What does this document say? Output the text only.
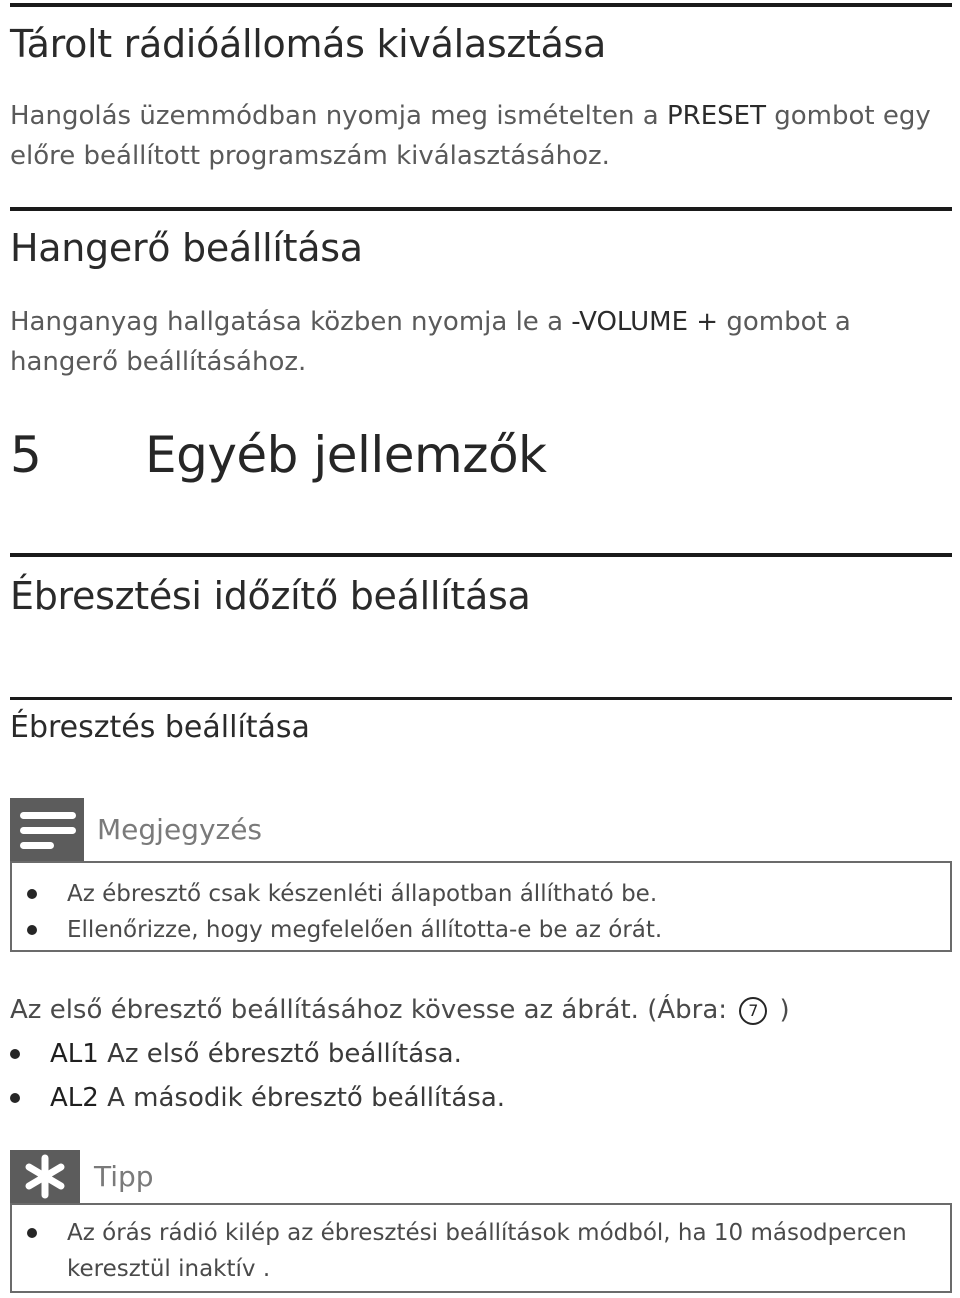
Tárolt rádióállomás kiválasztása
Hangolás üzemmódban nyomja meg ismételten a PRESET gombot egy előre beállított programszám kiválasztásához.
Hangerő beállítása
Hanganyag hallgatása közben nyomja le a -VOLUME + gombot a hangerő beállításához.
5 Egyéb jellemzők
Ébresztési időzítő beállítása
Ébresztés beállítása
Megjegyzés
Az ébresztő csak készenléti állapotban állítható be.
Ellenőrizze, hogy megfelelően állította-e be az órát.
Az első ébresztő beállításához kövesse az ábrát. (Ábra: 7 )
AL1 Az első ébresztő beállítása.
AL2 A második ébresztő beállítása.
Tipp
Az órás rádió kilép az ébresztési beállítások módból, ha 10 másodpercen
keresztül inaktív .
